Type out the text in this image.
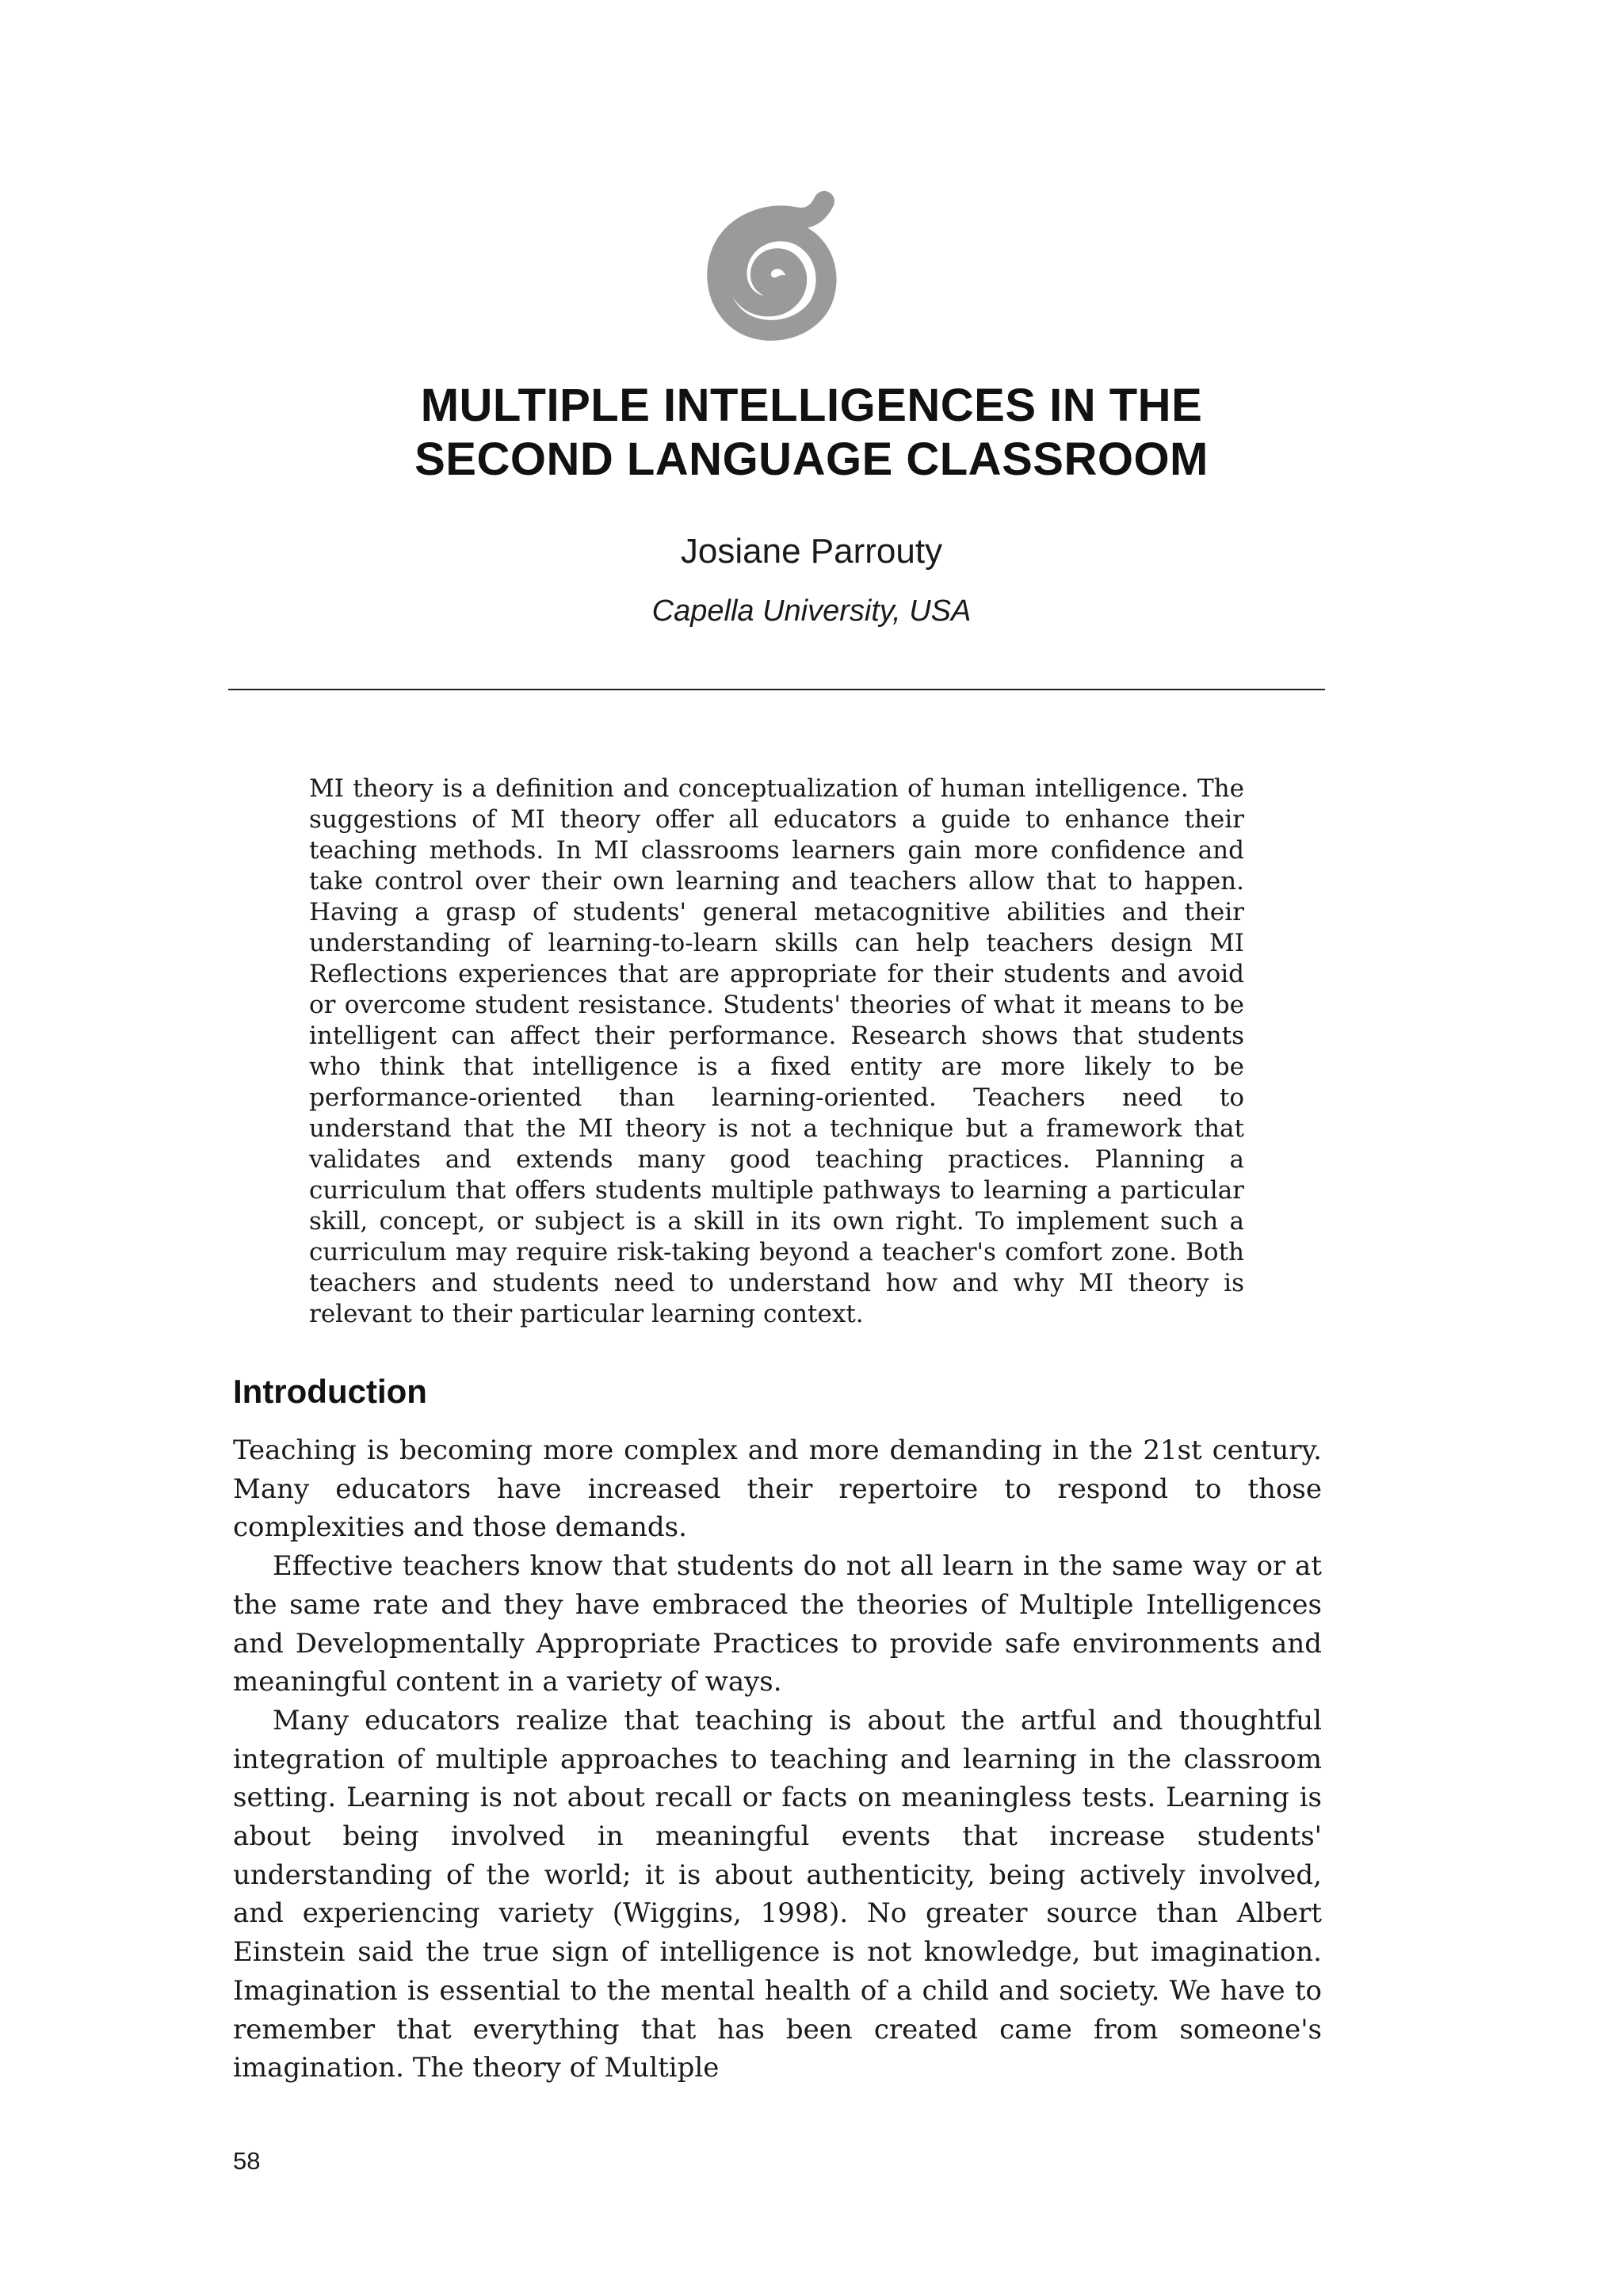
MULTIPLE INTELLIGENCES IN THE
SECOND LANGUAGE CLASSROOM
Josiane Parrouty
Capella University, USA

MI theory is a definition and conceptualization of human intelligence. The suggestions of MI theory offer all educators a guide to enhance their teaching methods. In MI classrooms learners gain more confidence and take control over their own learning and teachers allow that to happen. Having a grasp of students' general metacognitive abilities and their understanding of learning-to-learn skills can help teachers design MI Reflections experiences that are appropriate for their students and avoid or overcome student resistance. Students' theories of what it means to be intelligent can affect their performance. Research shows that students who think that intelligence is a fixed entity are more likely to be performance-oriented than learning-oriented. Teachers need to understand that the MI theory is not a technique but a framework that validates and extends many good teaching practices. Planning a curriculum that offers students multiple pathways to learning a particular skill, concept, or subject is a skill in its own right. To implement such a curriculum may require risk-taking beyond a teacher's comfort zone. Both teachers and students need to understand how and why MI theory is relevant to their particular learning context.

Introduction

Teaching is becoming more complex and more demanding in the 21st century. Many educators have increased their repertoire to respond to those complexities and those demands.

Effective teachers know that students do not all learn in the same way or at the same rate and they have embraced the theories of Multiple Intelligences and Developmentally Appropriate Practices to provide safe environments and meaningful content in a variety of ways.

Many educators realize that teaching is about the artful and thoughtful integration of multiple approaches to teaching and learning in the classroom setting. Learning is not about recall or facts on meaningless tests. Learning is about being involved in meaningful events that increase students' understanding of the world; it is about authenticity, being actively involved, and experiencing variety (Wiggins, 1998). No greater source than Albert Einstein said the true sign of intelligence is not knowledge, but imagination. Imagination is essential to the mental health of a child and society. We have to remember that everything that has been created came from someone's imagination. The theory of Multiple

58
